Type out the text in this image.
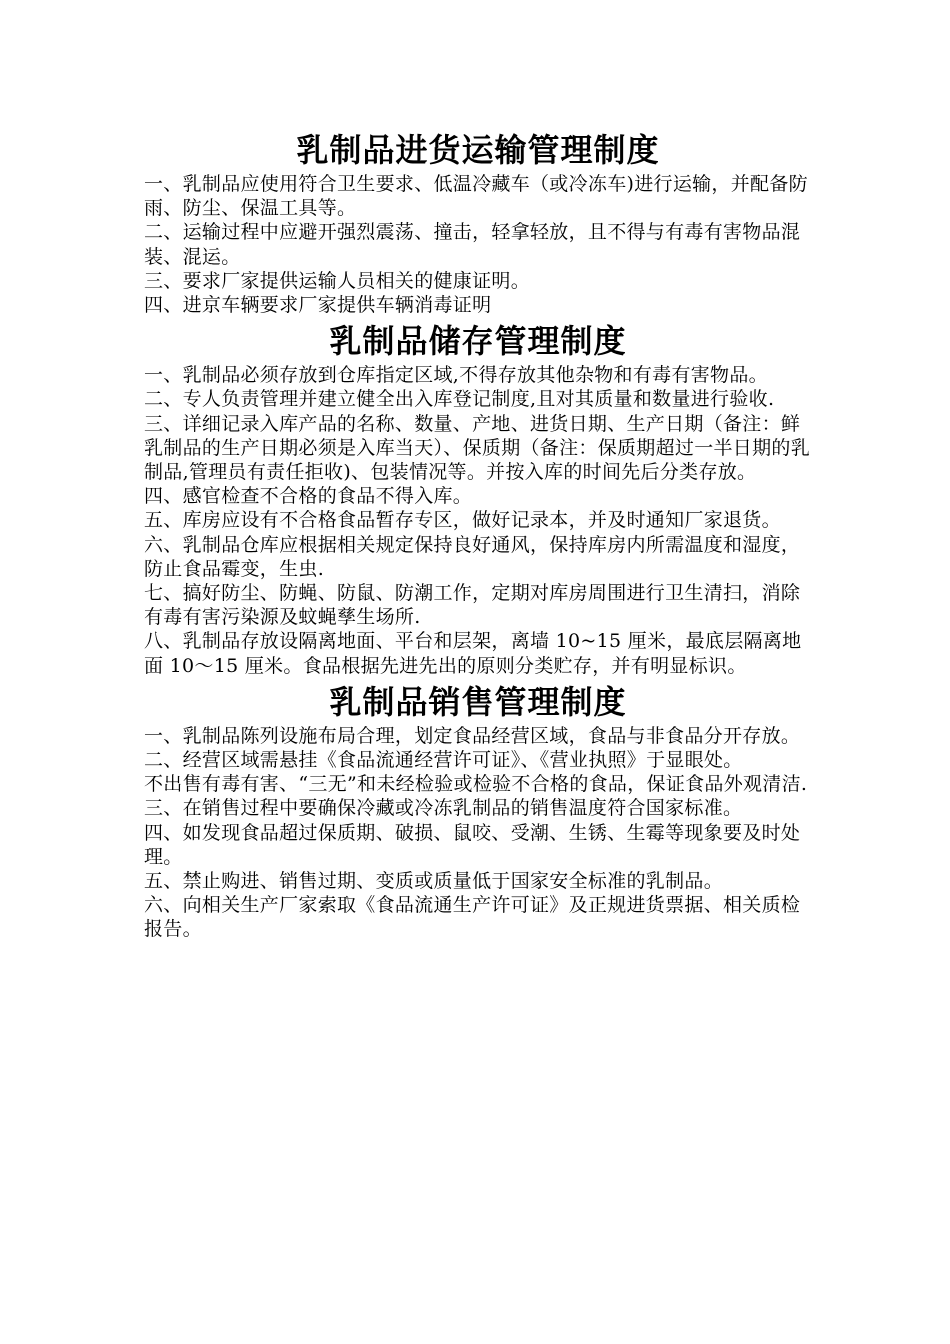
乳制品进货运输管理制度

一、乳制品应使用符合卫生要求、低温冷藏车（或冷冻车)进行运输，并配备防雨、防尘、保温工具等。

二、运输过程中应避开强烈震荡、撞击，轻拿轻放，且不得与有毒有害物品混装、混运。

三、要求厂家提供运输人员相关的健康证明。

四、进京车辆要求厂家提供车辆消毒证明

乳制品储存管理制度

一、乳制品必须存放到仓库指定区域,不得存放其他杂物和有毒有害物品。

二、专人负责管理并建立健全出入库登记制度,且对其质量和数量进行验收.

三、详细记录入库产品的名称、数量、产地、进货日期、生产日期（备注：鲜乳制品的生产日期必须是入库当天）、保质期（备注：保质期超过一半日期的乳制品,管理员有责任拒收)、包装情况等。并按入库的时间先后分类存放。

四、感官检查不合格的食品不得入库。

五、库房应设有不合格食品暂存专区，做好记录本，并及时通知厂家退货。

六、乳制品仓库应根据相关规定保持良好通风，保持库房内所需温度和湿度，防止食品霉变，生虫.

七、搞好防尘、防蝇、防鼠、防潮工作，定期对库房周围进行卫生清扫，消除有毒有害污染源及蚊蝇孳生场所.

八、乳制品存放设隔离地面、平台和层架，离墙 10~15 厘米，最底层隔离地面 10～15 厘米。食品根据先进先出的原则分类贮存，并有明显标识。

乳制品销售管理制度

一、乳制品陈列设施布局合理，划定食品经营区域，食品与非食品分开存放。

二、经营区域需悬挂《食品流通经营许可证》、《营业执照》于显眼处。

不出售有毒有害、“三无”和未经检验或检验不合格的食品，保证食品外观清洁.

三、在销售过程中要确保冷藏或冷冻乳制品的销售温度符合国家标准。

四、如发现食品超过保质期、破损、鼠咬、受潮、生锈、生霉等现象要及时处理。

五、禁止购进、销售过期、变质或质量低于国家安全标准的乳制品。

六、向相关生产厂家索取《食品流通生产许可证》及正规进货票据、相关质检报告。
